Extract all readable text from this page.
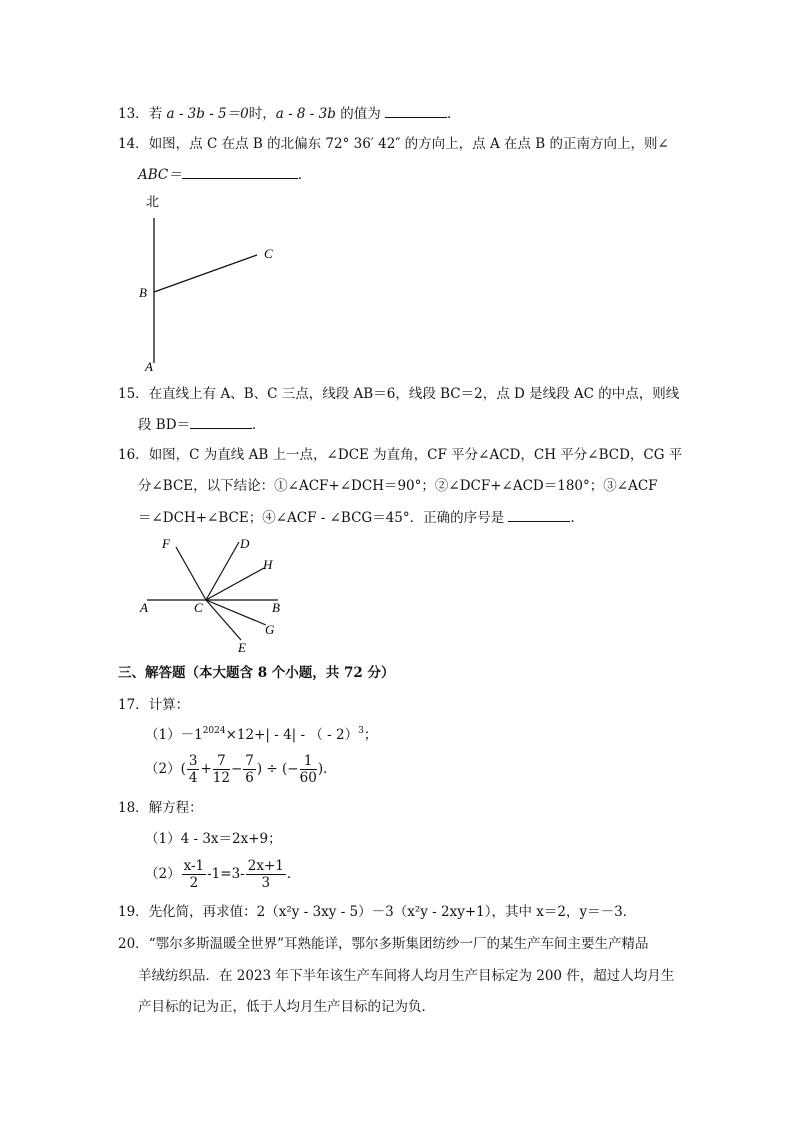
13．若 a - 3b - 5＝0时，a - 8 - 3b 的值为	．
14．如图，点 C 在点 B 的北偏东 72° 36′ 42″ 的方向上，点 A 在点 B 的正南方向上，则∠
ABC＝	．
北
C
B
A
15．在直线上有 A、B、C 三点，线段 AB＝6，线段 BC＝2，点 D 是线段 AC 的中点，则线
段 BD＝	．
16．如图，C 为直线 AB 上一点，∠DCE 为直角，CF 平分∠ACD，CH 平分∠BCD，CG 平
分∠BCE，以下结论：①∠ACF+∠DCH＝90°；②∠DCF+∠ACD＝180°；③∠ACF
＝∠DCH+∠BCE；④∠ACF - ∠BCG＝45°．正确的序号是	．
F	D
H
A	C	B
G
E
三、解答题（本大题含 8 个小题，共 72 分）
17．计算：
$(1)-1^{2024}\times 12+| - 4|$ - （ - 2）$^3$；
$(2)( \frac{3}{4} + \frac{7}{12} - \frac{7}{6}$ ) ÷ (− $\frac{1}{60}$ )．
18．解方程：
（1）4 - 3x＝2x+9；
$(2) \frac{x-1}{2} -1=3- \frac{2x+1}{3}$ ．
19．先化简，再求值：2（x²y - 3xy - 5）－3（x²y - 2xy+1），其中 x＝2，y＝－3．
20．“鄂尔多斯温暖全世界”耳熟能详，鄂尔多斯集团纺纱一厂的某生产车间主要生产精品
羊绒纺织品．在 2023 年下半年该生产车间将人均月生产目标定为 200 件，超过人均月生
产目标的记为正，低于人均月生产目标的记为负．
